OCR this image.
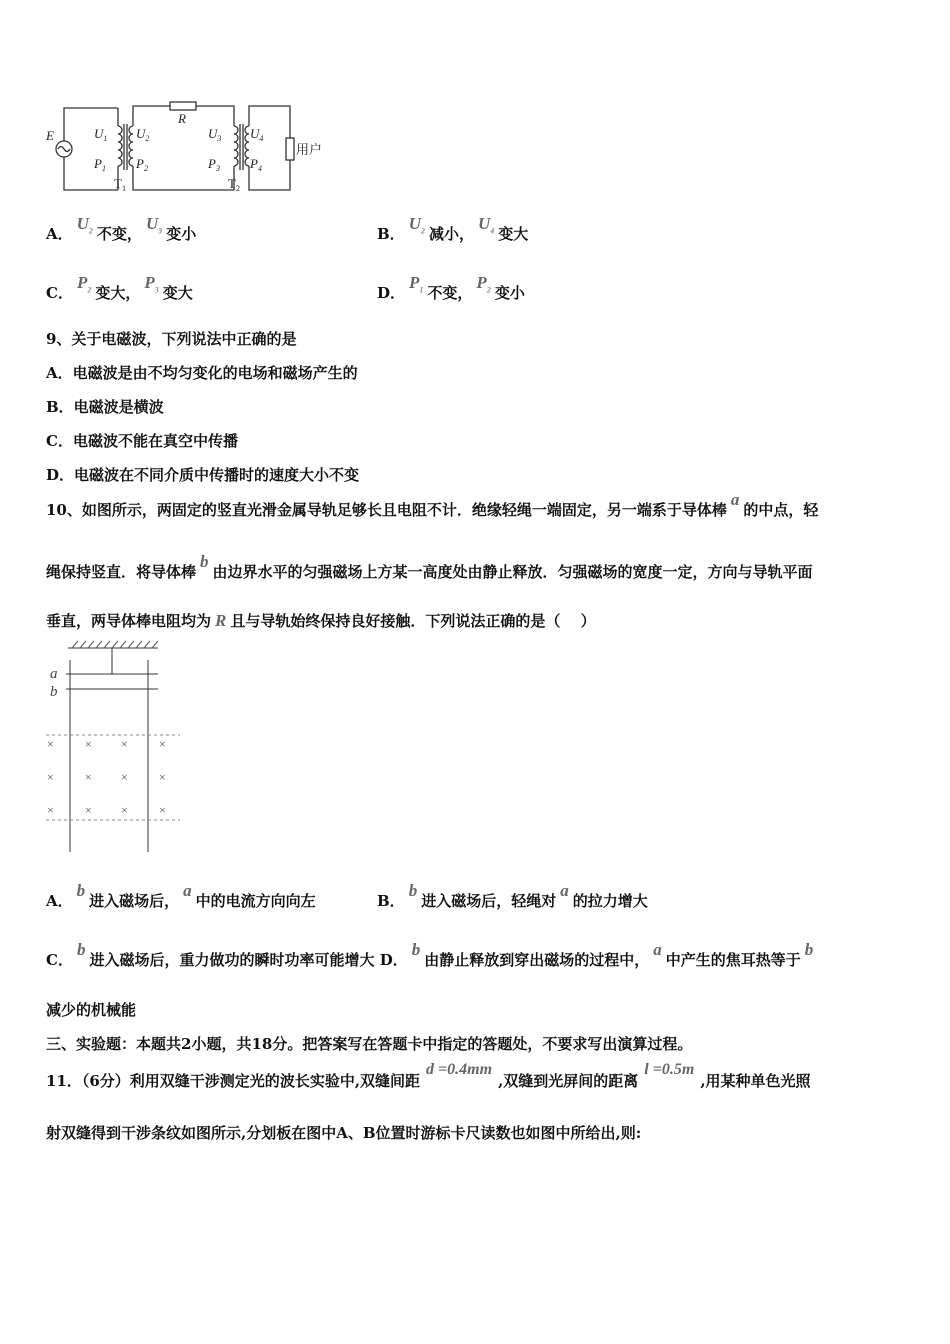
E
R
$U_1$
$P_1$
$U_2$
$P_2$
$U_3$
$P_3$
$U_4$
$P_4$
$T_1$	$T_2$
用户
A．$U_2$ 不变，$U_3$ 变小	B．$U_2$ 减小，$U_4$ 变大
C．$P_2$ 变大，$P_3$ 变大	D．$P_1$ 不变，$P_2$ 变小
9、关于电磁波，下列说法中正确的是
A．电磁波是由不均匀变化的电场和磁场产生的
B．电磁波是横波
C．电磁波不能在真空中传播
D．电磁波在不同介质中传播时的速度大小不变
10、如图所示，两固定的竖直光滑金属导轨足够长且电阻不计．绝缘轻绳一端固定，另一端系于导体棒a的中点，轻
绳保持竖直．将导体棒b由边界水平的匀强磁场上方某一高度处由静止释放．匀强磁场的宽度一定，方向与导轨平面
垂直，两导体棒电阻均为 R 且与导轨始终保持良好接触．下列说法正确的是（　 ）
a
b
×	× ×	×
×	× ×	×
×	× ×	×
A．b进入磁场后，a中的电流方向向左	B．b进入磁场后，轻绳对a的拉力增大
C．b进入磁场后，重力做功的瞬时功率可能增大 D．b由静止释放到穿出磁场的过程中，a中产生的焦耳热等于b
减少的机械能
三、实验题：本题共2小题，共18分。把答案写在答题卡中指定的答题处，不要求写出演算过程。
11．（6分）利用双缝干涉测定光的波长实验中,双缝间距d =0.4mm,双缝到光屏间的距离l =0.5m,用某种单色光照
射双缝得到干涉条纹如图所示,分划板在图中A、B位置时游标卡尺读数也如图中所给出,则:
